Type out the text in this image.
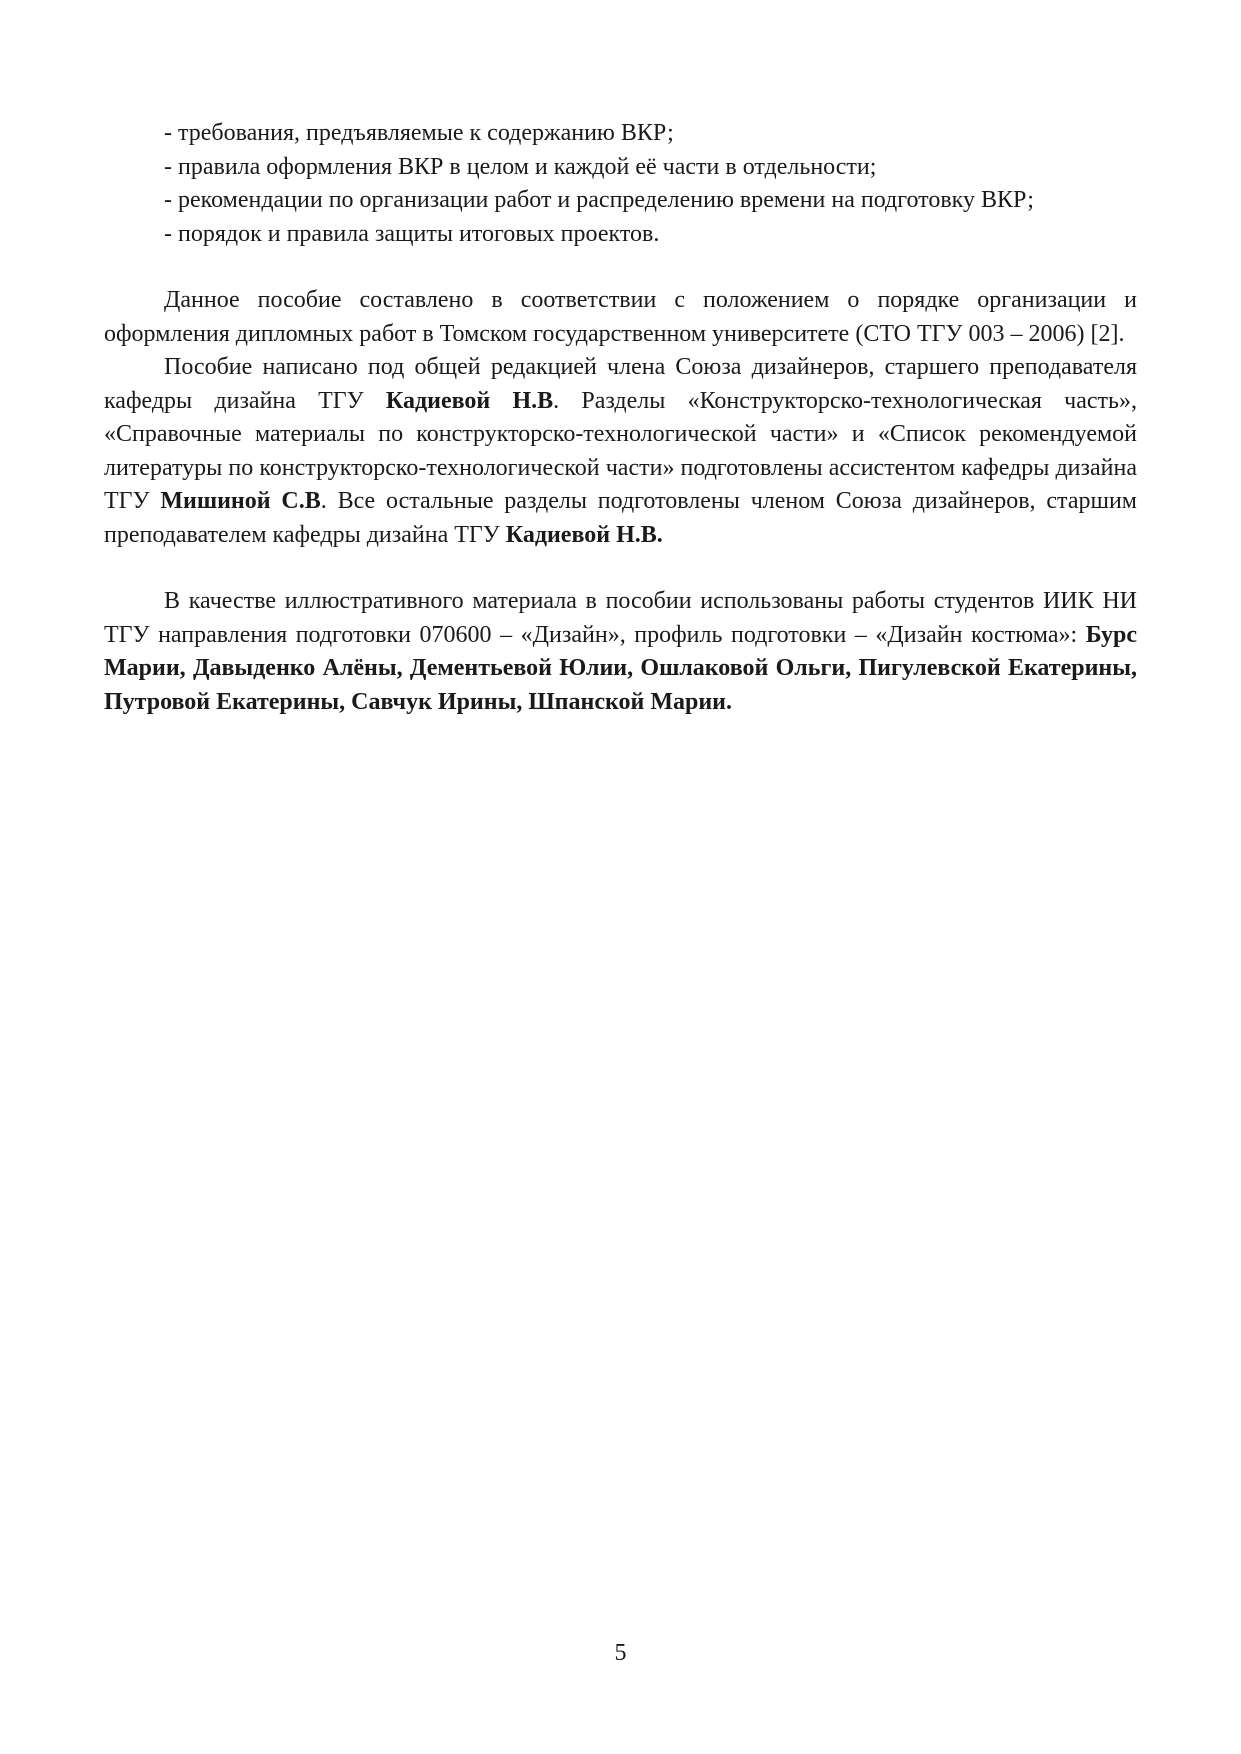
- требования, предъявляемые к содержанию ВКР;
- правила оформления ВКР в целом и каждой её части в отдельности;
- рекомендации по организации работ и распределению времени на подготовку ВКР;
- порядок и правила защиты итоговых проектов.

Данное пособие составлено в соответствии с положением о порядке организации и оформления дипломных работ в Томском государственном университете (СТО ТГУ 003 – 2006) [2].

Пособие написано под общей редакцией члена Союза дизайнеров, старшего преподавателя кафедры дизайна ТГУ Кадиевой Н.В. Разделы «Конструкторско-технологическая часть», «Справочные материалы по конструкторско-технологической части» и «Список рекомендуемой литературы по конструкторско-технологической части» подготовлены ассистентом кафедры дизайна ТГУ Мишиной С.В. Все остальные разделы подготовлены членом Союза дизайнеров, старшим преподавателем кафедры дизайна ТГУ Кадиевой Н.В.

В качестве иллюстративного материала в пособии использованы работы студентов ИИК НИ ТГУ направления подготовки 070600 – «Дизайн», профиль подготовки – «Дизайн костюма»: Бурс Марии, Давыденко Алёны, Дементьевой Юлии, Ошлаковой Ольги, Пигулевской Екатерины, Путровой Екатерины, Савчук Ирины, Шпанской Марии.

5
